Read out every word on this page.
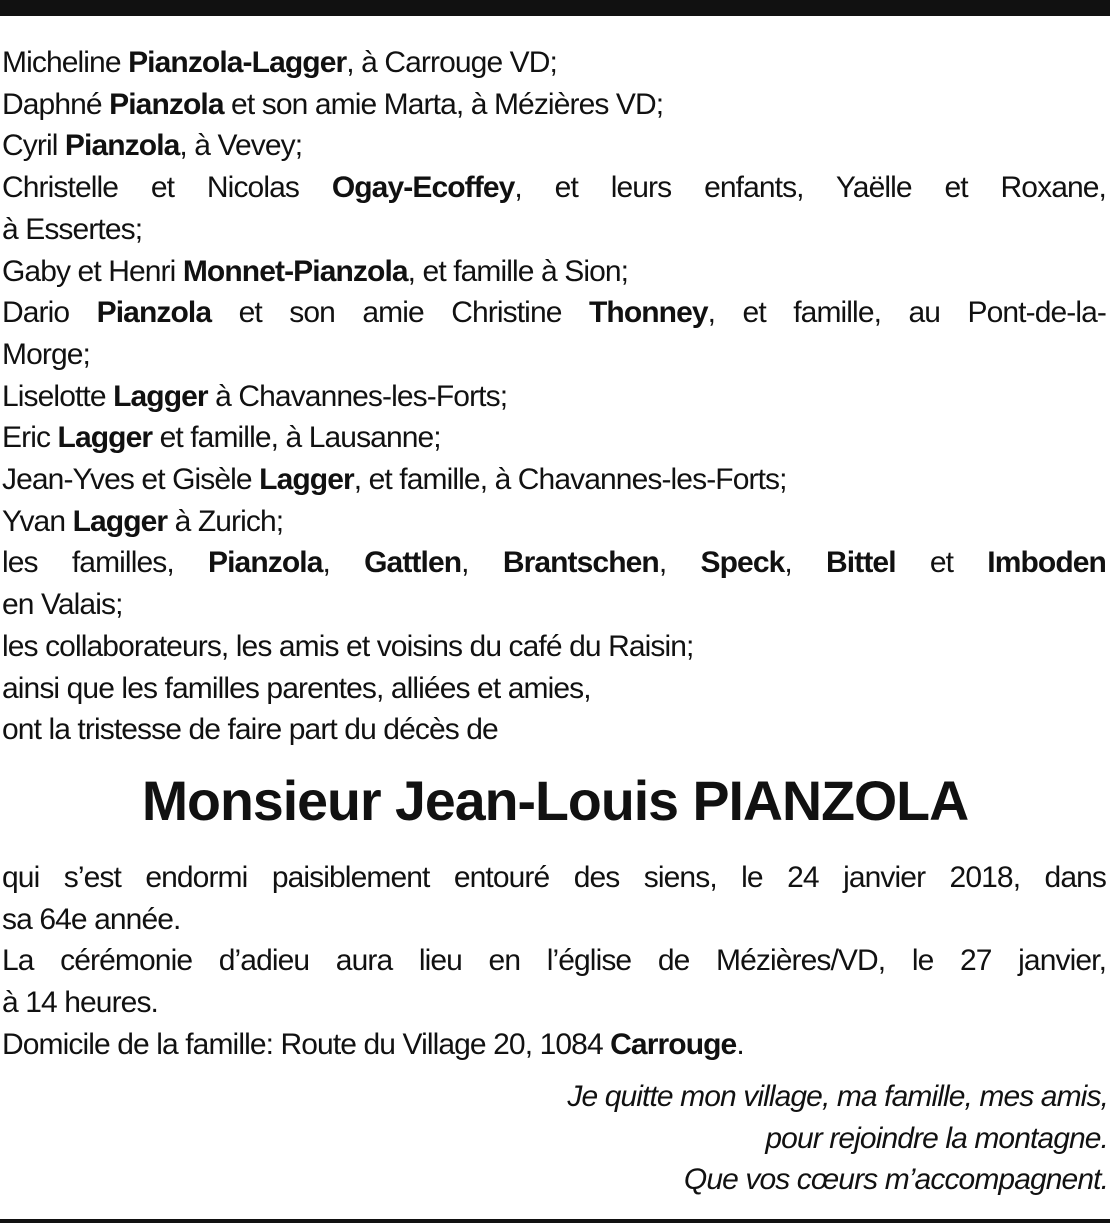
Micheline Pianzola-Lagger, à Carrouge VD;
Daphné Pianzola et son amie Marta, à Mézières VD;
Cyril Pianzola, à Vevey;
Christelle et Nicolas Ogay-Ecoffey, et leurs enfants, Yaëlle et Roxane,
à Essertes;
Gaby et Henri Monnet-Pianzola, et famille à Sion;
Dario Pianzola et son amie Christine Thonney, et famille, au Pont-de-la-
Morge;
Liselotte Lagger à Chavannes-les-Forts;
Eric Lagger et famille, à Lausanne;
Jean-Yves et Gisèle Lagger, et famille, à Chavannes-les-Forts;
Yvan Lagger à Zurich;
les familles, Pianzola, Gattlen, Brantschen, Speck, Bittel et Imboden
en Valais;
les collaborateurs, les amis et voisins du café du Raisin;
ainsi que les familles parentes, alliées et amies,
ont la tristesse de faire part du décès de
Monsieur Jean-Louis PIANZOLA
qui s’est endormi paisiblement entouré des siens, le 24 janvier 2018, dans
sa 64e année.
La cérémonie d’adieu aura lieu en l’église de Mézières/VD, le 27 janvier,
à 14 heures.
Domicile de la famille: Route du Village 20, 1084 Carrouge.
Je quitte mon village, ma famille, mes amis,
pour rejoindre la montagne.
Que vos cœurs m’accompagnent.
